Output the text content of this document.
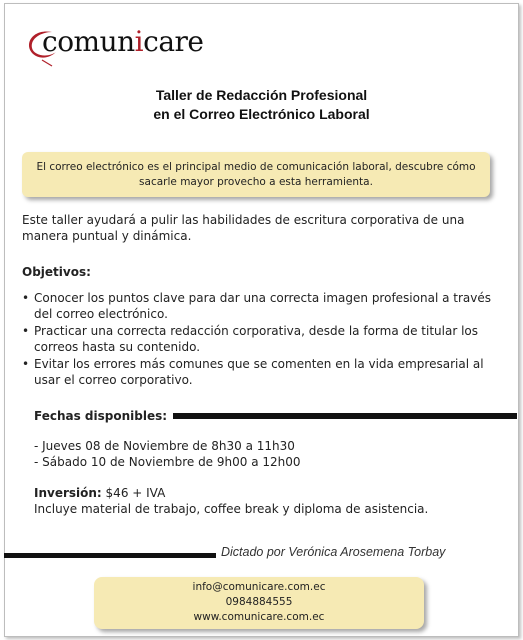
comunicare
Taller de Redacción Profesional
en el Correo Electrónico Laboral
El correo electrónico es el principal medio de comunicación laboral, descubre cómo sacarle mayor provecho a esta herramienta.
Este taller ayudará a pulir las habilidades de escritura corporativa de una manera puntual y dinámica.
Objetivos:
• Conocer los puntos clave para dar una correcta imagen profesional a través del correo electrónico.
• Practicar una correcta redacción corporativa, desde la forma de titular los correos hasta su contenido.
• Evitar los errores más comunes que se comenten en la vida empresarial al usar el correo corporativo.
Fechas disponibles:
- Jueves 08 de Noviembre de 8h30 a 11h30
- Sábado 10 de Noviembre de 9h00 a 12h00
Inversión: $46 + IVA
Incluye material de trabajo, coffee break y diploma de asistencia.
Dictado por Verónica Arosemena Torbay
info@comunicare.com.ec
0984884555
www.comunicare.com.ec
